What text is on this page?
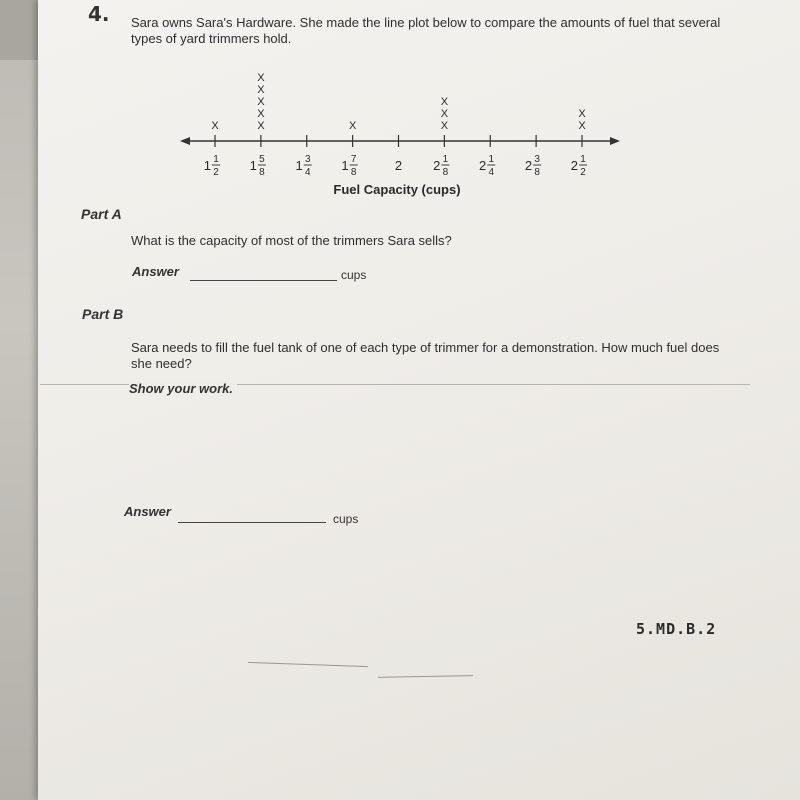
4. Sara owns Sara's Hardware. She made the line plot below to compare the amounts of fuel that several types of yard trimmers hold.
1 1
2 1 5
8 1 3
4 1 7
8	2 2 1
8 2 1
4 2 3
8 2 1
2
X	X
X
X
X
X
X	X
X
X
X
X
Fuel Capacity (cups)
Part A
What is the capacity of most of the trimmers Sara sells?
Answer	cups
Part B
Sara needs to fill the fuel tank of one of each type of trimmer for a demonstration. How much fuel does she need?
Show your work.
Answer	cups
5.MD.B.2
